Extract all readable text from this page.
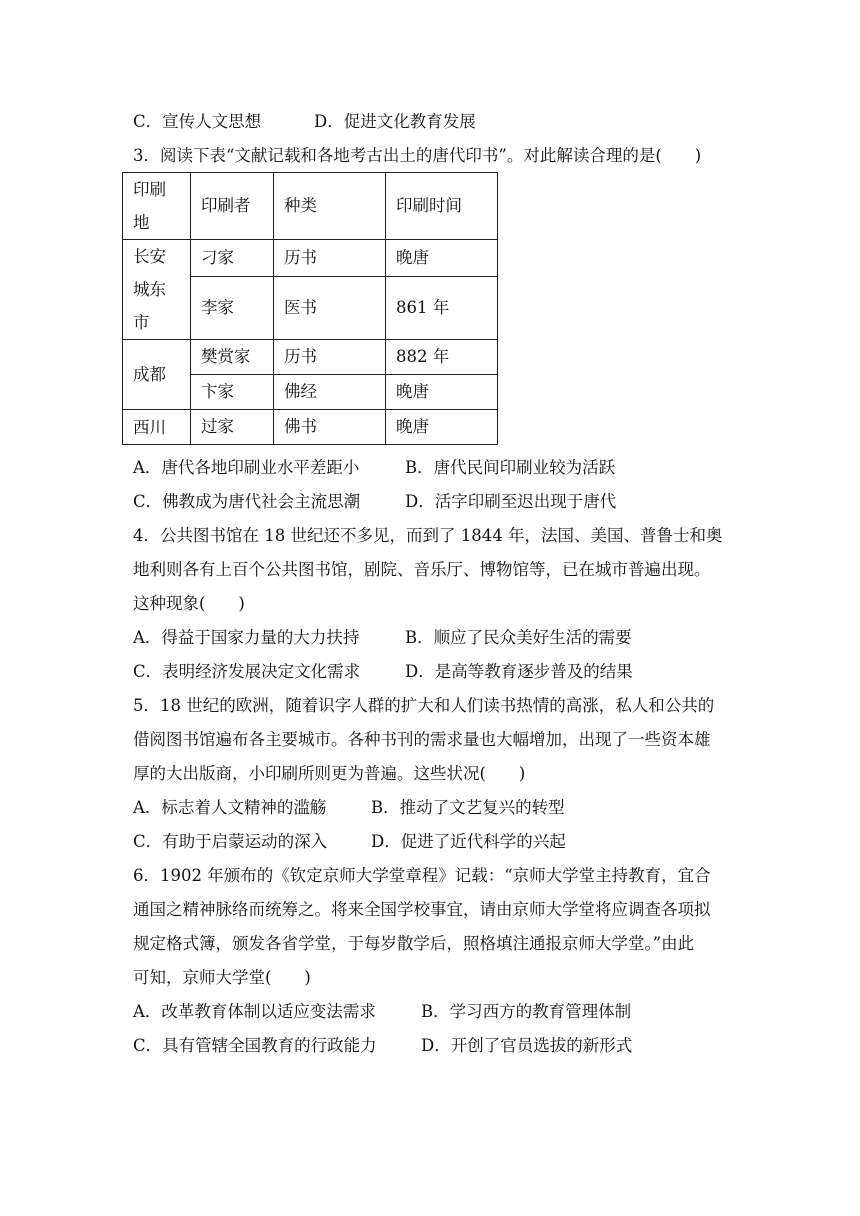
C．宣传人文思想	D．促进文化教育发展
3．阅读下表“文献记载和各地考古出土的唐代印书”。对此解读合理的是(　　)
印刷地	印刷者	种类	印刷时间
长安城东市	刁家	历书	晚唐
	李家	医书	861 年
成都	樊赏家	历书	882 年
	卞家	佛经	晚唐
西川	过家	佛书	晚唐
A．唐代各地印刷业水平差距小	B．唐代民间印刷业较为活跃
C．佛教成为唐代社会主流思潮	D．活字印刷至迟出现于唐代
4．公共图书馆在 18 世纪还不多见，而到了 1844 年，法国、美国、普鲁士和奥
地利则各有上百个公共图书馆，剧院、音乐厅、博物馆等，已在城市普遍出现。
这种现象(　　)
A．得益于国家力量的大力扶持	B．顺应了民众美好生活的需要
C．表明经济发展决定文化需求	D．是高等教育逐步普及的结果
5．18 世纪的欧洲，随着识字人群的扩大和人们读书热情的高涨，私人和公共的
借阅图书馆遍布各主要城市。各种书刊的需求量也大幅增加，出现了一些资本雄
厚的大出版商，小印刷所则更为普遍。这些状况(　　)
A．标志着人文精神的滥觞	B．推动了文艺复兴的转型
C．有助于启蒙运动的深入	D．促进了近代科学的兴起
6．1902 年颁布的《钦定京师大学堂章程》记载：“京师大学堂主持教育，宜合
通国之精神脉络而统筹之。将来全国学校事宜，请由京师大学堂将应调查各项拟
规定格式簿，颁发各省学堂，于每岁散学后，照格填注通报京师大学堂。”由此
可知，京师大学堂(　　)
A．改革教育体制以适应变法需求	B．学习西方的教育管理体制
C．具有管辖全国教育的行政能力	D．开创了官员选拔的新形式
